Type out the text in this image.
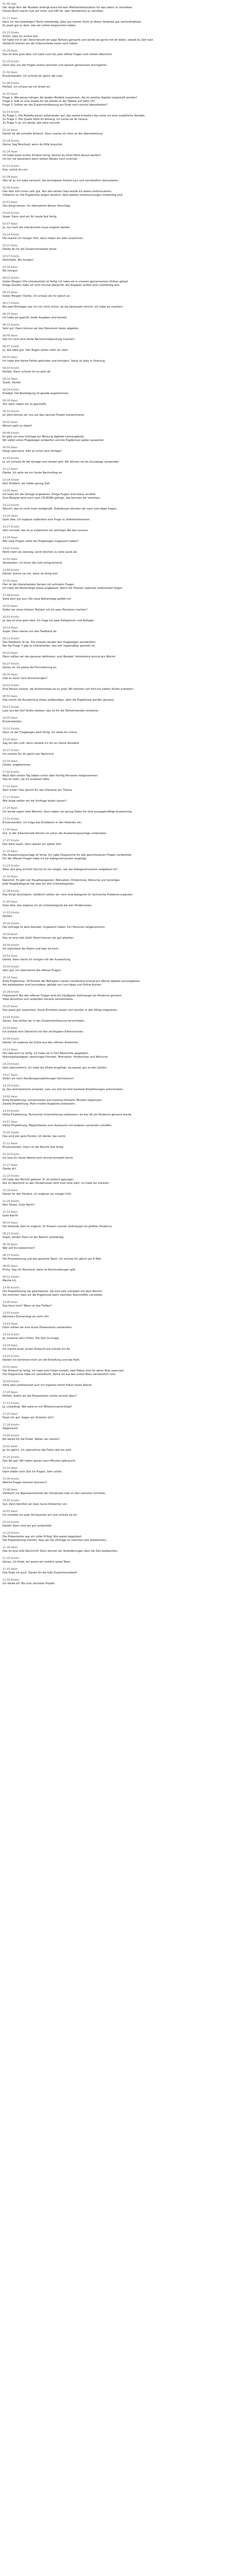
01:06 sign
Der lange Arm der Muskeln anfangs brauchst kein Mathematikstudium für das Leben zu verstehen.
Dieses Buch macht Lust auf mehr und hilft dir, dein Verständnis zu vertiefen.
01:17 Aeon
Kann ich das bestätigen? Nicht vollständig, aber aus meiner Sicht ist dieser Gedanke gut nachvollziehbar.
Es passt gut zu dem, was wir vorher besprochen haben.
01:23 Kristin
Schön, dass du zurück bist.
Ich habe mir in der Zwischenzeit ein paar Notizen gemacht und würde sie gerne mit dir teilen, sobald du Zeit hast.
Vielleicht können wir die Unterschiede heute noch klären.
01:29 Aeon
Das ist eine gute Idee. Ich habe noch ein paar offene Fragen zum letzten Abschnitt.
01:35 Kristin
Dann lass uns die Fragen zuerst sammeln und danach gemeinsam durchgehen.
01:42 Aeon
Einverstanden. Ich schicke dir gleich die Liste.
01:48 Kristin
Perfekt, ich schaue sie mir direkt an.
01:55 Aeon
Frage 1: Wie genau hängen die beiden Modelle zusammen, die im zweiten Kapitel vorgestellt werden?
Frage 2: Gibt es eine Quelle für die Zahlen in der Tabelle auf Seite 14?
Frage 3: Sollten wir die Zusammenfassung am Ende noch einmal überarbeiten?
02:03 Kristin
Zu Frage 1: Die Modelle bauen aufeinander auf, das zweite erweitert das erste um eine zusätzliche Variable.
Zu Frage 2: Die Quelle steht im Anhang, ich suche sie dir heraus.
Zu Frage 3: Ja, ich denke, das wäre sinnvoll.
02:10 Aeon
Danke für die schnelle Antwort. Dann mache ich mich an die Überarbeitung.
02:16 Kristin
Gerne. Sag Bescheid, wenn du Hilfe brauchst.
02:24 Aeon
Ich habe einen ersten Entwurf fertig. Kannst du einen Blick darauf werfen?
Ich bin mir besonders beim letzten Absatz noch unsicher.
02:31 Kristin
Klar, schick ihn mir.
02:38 Aeon
Hier ist er. Ich habe versucht, die wichtigsten Punkte kurz und verständlich darzustellen.
02:46 Kristin
Das liest sich schon sehr gut. Nur den letzten Satz würde ich etwas umformulieren.
Vielleicht so: Die Ergebnisse zeigen deutlich, dass weitere Untersuchungen notwendig sind.
02:53 Aeon
Das klingt besser. Ich übernehme deinen Vorschlag.
03:00 Kristin
Super. Dann sind wir für heute fast fertig.
03:07 Aeon
Ja, nur noch die Literaturliste muss ergänzt werden.
03:14 Kristin
Die mache ich morgen früh, dann haben wir alles zusammen.
03:21 Aeon
Danke dir für die Zusammenarbeit heute.
03:27 Kristin
Gleichfalls. Bis morgen!
03:34 Aeon
Bis morgen.
08:02 Kristin
Guten Morgen! Die Literaturliste ist fertig, ich habe sie in unseren gemeinsamen Ordner gelegt.
Einige Quellen habe ich noch einmal überprüft, die Angaben sollten jetzt vollständig sein.
08:10 Aeon
Guten Morgen! Danke, ich schaue sie mir gleich an.
08:17 Kristin
Bei zwei Einträgen war ich mir nicht sicher, ob die Jahreszahl stimmt. Ich habe sie markiert.
08:25 Aeon
Ich habe sie geprüft, beide Angaben sind korrekt.
08:32 Kristin
Sehr gut. Dann können wir das Dokument heute abgeben.
08:40 Aeon
Soll ich noch eine letzte Rechtschreibprüfung machen?
08:47 Kristin
Ja, das wäre gut. Vier Augen sehen mehr als zwei.
08:55 Aeon
Ich habe drei kleine Fehler gefunden und korrigiert. Sonst ist alles in Ordnung.
09:03 Kristin
Perfekt. Dann schicke ich es jetzt ab.
09:10 Aeon
Super, danke!
09:18 Kristin
Erledigt. Die Bestätigung ist gerade angekommen.
09:26 Aeon
Toll, dann haben wir es geschafft.
09:33 Kristin
Ja! Jetzt können wir uns auf das nächste Projekt konzentrieren.
09:41 Aeon
Worum geht es dabei?
09:48 Kristin
Es geht um eine Umfrage zur Nutzung digitaler Lernangebote.
Wir sollen einen Fragebogen entwerfen und die Ergebnisse später auswerten.
09:56 Aeon
Klingt spannend. Gibt es schon eine Vorlage?
10:03 Kristin
Ja, ich schicke dir die Vorlage vom letzten Jahr. Wir können sie als Grundlage verwenden.
10:11 Aeon
Danke. Ich sehe sie mir heute Nachmittag an.
10:18 Kristin
Kein Problem, wir haben genug Zeit.
14:05 Aeon
Ich habe mir die Vorlage angesehen. Einige Fragen sind etwas veraltet.
Zum Beispiel wird noch nach CD-ROMs gefragt, das könnten wir streichen.
14:12 Kristin
Stimmt, das ist nicht mehr zeitgemäß. Stattdessen könnten wir nach Lern-Apps fragen.
14:20 Aeon
Gute Idee. Ich ergänze außerdem eine Frage zu Videokonferenzen.
14:27 Kristin
Sehr sinnvoll, das ist ja inzwischen ein wichtiger Teil des Lernens.
14:35 Aeon
Wie viele Fragen sollte der Fragebogen insgesamt haben?
14:42 Kristin
Nicht mehr als zwanzig, sonst brechen zu viele Leute ab.
14:50 Aeon
Verstanden. Ich kürze die Liste entsprechend.
14:58 Kristin
Danke! Schick sie mir, wenn du fertig bist.
15:40 Aeon
Hier ist die überarbeitete Version mit achtzehn Fragen.
Ich habe die Reihenfolge etwas angepasst, damit die Themen logischer aufeinander folgen.
15:48 Kristin
Sieht sehr gut aus! Die neue Reihenfolge gefällt mir.
15:55 Aeon
Sollen wir einen kleinen Testlauf mit ein paar Personen machen?
16:03 Kristin
Ja, das ist eine gute Idee. Ich frage ein paar Kolleginnen und Kollegen.
16:10 Aeon
Super. Dann warten wir das Feedback ab.
09:12 Kristin
Das Feedback ist da. Die meisten fanden den Fragebogen verständlich.
Nur bei Frage 7 gab es Unklarheiten, was mit 'regelmäßig' gemeint ist.
09:20 Aeon
Dann sollten wir das genauer definieren, zum Beispiel 'mindestens einmal pro Woche'.
09:27 Kristin
Genau so. Ich passe die Formulierung an.
09:35 Aeon
Gab es sonst noch Anmerkungen?
09:42 Kristin
Eine Person meinte, die Antwortskala sei zu grob. Wir könnten von fünf auf sieben Stufen erweitern.
09:50 Aeon
Das macht die Auswertung etwas aufwendiger, aber die Ergebnisse werden genauer.
09:57 Kristin
Lass uns bei fünf Stufen bleiben, das ist für die Teilnehmenden einfacher.
10:05 Aeon
Einverstanden.
10:12 Kristin
Dann ist der Fragebogen jetzt fertig. Ich stelle ihn online.
10:20 Aeon
Sag mir den Link, dann verteile ich ihn an meine Kontakte.
10:27 Kristin
Ich schicke ihn dir gleich per Nachricht.
10:35 Aeon
Danke, angekommen.
17:02 Kristin
Nach dem ersten Tag haben schon über fünfzig Personen teilgenommen.
Das ist mehr, als ich erwartet hätte.
17:10 Aeon
Sehr schön! Das spricht für das Interesse am Thema.
17:17 Kristin
Wie lange wollen wir die Umfrage laufen lassen?
17:25 Aeon
Ich würde sagen zwei Wochen, dann haben wir genug Daten für eine aussagekräftige Auswertung.
17:32 Kristin
Einverstanden. Ich trage das Enddatum in den Kalender ein.
17:40 Aeon
Gut. In der Zwischenzeit könnte ich schon die Auswertungsvorlage vorbereiten.
17:47 Kristin
Das wäre super, dann sparen wir später Zeit.
11:15 Aeon
Die Auswertungsvorlage ist fertig. Ich habe Diagramme für alle geschlossenen Fragen vorbereitet.
Für die offenen Fragen habe ich ein Kategoriensystem angelegt.
11:23 Kristin
Wow, das ging schnell! Kannst du mir zeigen, wie das Kategoriensystem aufgebaut ist?
11:30 Aeon
Natürlich. Es gibt vier Hauptkategorien: Motivation, Hindernisse, Wünsche und Sonstiges.
Jede Hauptkategorie hat zwei bis drei Unterkategorien.
11:38 Kristin
Das klingt durchdacht. Vielleicht sollten wir noch eine Kategorie für technische Probleme ergänzen.
11:45 Aeon
Gute Idee, das ergänze ich als Unterkategorie bei den Hindernissen.
11:53 Kristin
Perfekt.
18:30 Kristin
Die Umfrage ist jetzt beendet. Insgesamt haben 312 Personen teilgenommen.
18:38 Aeon
Das ist eine tolle Zahl! Damit können wir gut arbeiten.
18:45 Kristin
Ich exportiere die Daten und lade sie hoch.
18:53 Aeon
Danke, dann starte ich morgen mit der Auswertung.
19:00 Kristin
Sehr gut. Ich übernehme die offenen Fragen.
10:20 Aeon
Erste Ergebnisse: 78 Prozent der Befragten nutzen mindestens einmal pro Woche digitale Lernangebote.
Am beliebtesten sind Lernvideos, gefolgt von Lern-Apps und Online-Kursen.
10:28 Kristin
Interessant! Bei den offenen Fragen wird am häufigsten Zeitmangel als Hindernis genannt.
Viele wünschen sich außerdem kürzere Lerneinheiten.
10:35 Aeon
Das passt gut zusammen. Kurze Einheiten lassen sich leichter in den Alltag integrieren.
10:43 Kristin
Genau. Das sollten wir in der Zusammenfassung hervorheben.
10:50 Aeon
Ich erstelle eine Übersicht mit den wichtigsten Erkenntnissen.
10:58 Kristin
Danke! Ich ergänze die Zitate aus den offenen Antworten.
14:12 Aeon
Die Übersicht ist fertig. Ich habe sie in fünf Abschnitte gegliedert.
Nutzungshäufigkeit, bevorzugte Formate, Motivation, Hindernisse und Wünsche.
14:20 Kristin
Sehr übersichtlich. Ich habe die Zitate eingefügt, sie passen gut zu den Zahlen.
14:27 Aeon
Sollen wir noch Handlungsempfehlungen formulieren?
14:35 Kristin
Ja, das wird bestimmt erwartet. Lass uns drei bis fünf konkrete Empfehlungen aufschreiben.
14:42 Aeon
Erste Empfehlung: Lerneinheiten auf maximal fünfzehn Minuten begrenzen.
Zweite Empfehlung: Mehr mobile Angebote entwickeln.
14:50 Kristin
Dritte Empfehlung: Technische Unterstützung verbessern, da das oft als Hindernis genannt wurde.
14:57 Aeon
Vierte Empfehlung: Möglichkeiten zum Austausch mit anderen Lernenden schaffen.
15:05 Kristin
Das sind vier gute Punkte. Ich denke, das reicht.
15:12 Aeon
Einverstanden. Dann ist der Bericht fast fertig.
15:20 Kristin
Ich lese ihn heute Abend noch einmal komplett durch.
15:27 Aeon
Danke dir!
21:10 Kristin
Ich habe den Bericht gelesen. Er ist wirklich gelungen.
Nur im Abschnitt zu den Hindernissen fehlt noch eine Zahl, ich habe sie markiert.
21:18 Aeon
Danke für den Hinweis, ich ergänze sie morgen früh.
21:25 Kristin
Kein Stress. Gute Nacht!
21:33 Aeon
Gute Nacht!
08:15 Aeon
Die fehlende Zahl ist ergänzt: 41 Prozent nennen Zeitmangel als größtes Hindernis.
08:22 Kristin
Super, danke! Dann ist der Bericht vollständig.
08:30 Aeon
Wer soll ihn bekommen?
08:37 Kristin
Die Projektleitung und das gesamte Team. Ich schicke ihn gleich per E-Mail.
08:45 Aeon
Prima. Sag mir Bescheid, wenn es Rückmeldungen gibt.
08:52 Kristin
Mache ich.
13:40 Kristin
Die Projektleitung hat geantwortet. Sie sind sehr zufrieden mit dem Bericht.
Sie möchten, dass wir die Ergebnisse beim nächsten Teamtreffen vorstellen.
13:48 Aeon
Das freut mich! Wann ist das Treffen?
13:55 Kristin
Nächsten Donnerstag um zehn Uhr.
14:03 Aeon
Dann sollten wir eine kurze Präsentation vorbereiten.
14:10 Kristin
Ja, maximal zehn Folien. Die Zeit ist knapp.
14:18 Aeon
Ich mache einen ersten Entwurf und schicke ihn dir.
14:25 Kristin
Danke! Ich kümmere mich um die Einleitung und das Fazit.
16:50 Aeon
Der Entwurf ist fertig. Ich habe acht Folien erstellt, zwei Plätze sind für deine Teile reserviert.
Die Diagramme habe ich vereinfacht, damit sie auf den ersten Blick verständlich sind.
16:58 Kristin
Sieht sehr professionell aus! Ich ergänze meine Folien heute Abend.
17:05 Aeon
Perfekt. Sollen wir die Präsentation vorher einmal üben?
17:13 Kristin
Ja, unbedingt. Wie wäre es mit Mittwochnachmittag?
17:20 Aeon
Passt mir gut. Sagen wir fünfzehn Uhr?
17:28 Kristin
Abgemacht.
15:00 Kristin
Bin bereit für die Probe. Wollen wir starten?
15:02 Aeon
Ja, los geht's. Ich übernehme die Folien drei bis acht.
15:25 Kristin
Das lief gut! Wir haben genau neun Minuten gebraucht.
15:33 Aeon
Dann bleibt noch Zeit für Fragen. Sehr schön.
15:40 Kristin
Welche Fragen könnten kommen?
15:48 Aeon
Vielleicht zur Repräsentativität der Stichprobe oder zu den nächsten Schritten.
15:55 Kristin
Gut, dann bereiten wir dazu kurze Antworten vor.
16:03 Aeon
Ich schreibe ein paar Stichpunkte auf und schicke sie dir.
16:10 Kristin
Danke! Dann sind wir gut vorbereitet.
11:20 Kristin
Die Präsentation war ein voller Erfolg! Alle waren begeistert.
Die Projektleitung möchte, dass wir die Umfrage im nächsten Jahr wiederholen.
11:28 Aeon
Das ist eine tolle Nachricht! Dann können wir Veränderungen über die Zeit beobachten.
11:35 Kristin
Genau. Ich finde, wir waren ein wirklich gutes Team.
11:43 Aeon
Das finde ich auch. Danke für die tolle Zusammenarbeit!
11:50 Kristin
Ich danke dir! Bis zum nächsten Projekt.
